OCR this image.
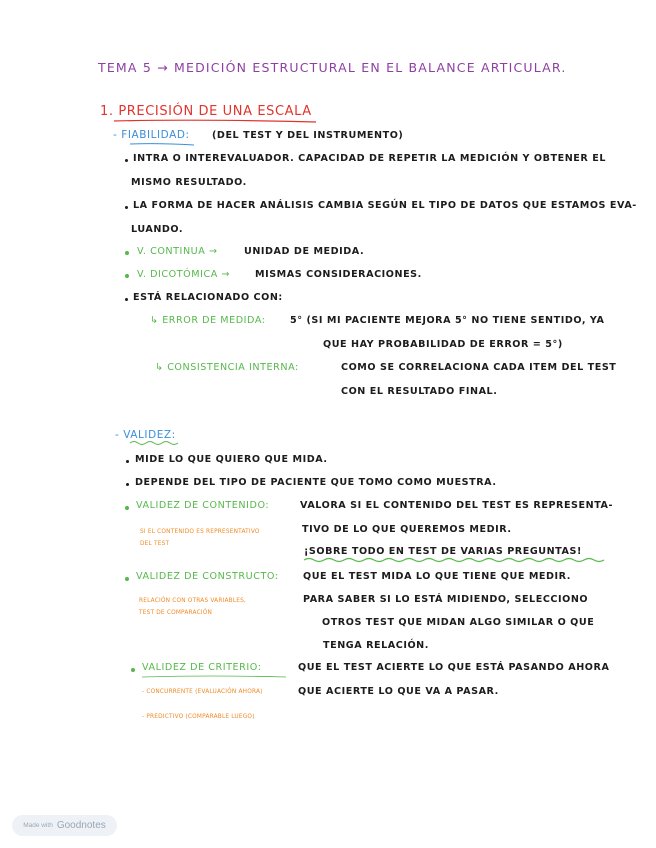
TEMA 5 → MEDICIÓN ESTRUCTURAL EN EL BALANCE ARTICULAR.
1. PRECISIÓN DE UNA ESCALA
- FIABILIDAD: (DEL TEST Y DEL INSTRUMENTO)
INTRA O INTEREVALUADOR. CAPACIDAD DE REPETIR LA MEDICIÓN Y OBTENER EL
MISMO RESULTADO.
LA FORMA DE HACER ANÁLISIS CAMBIA SEGÚN EL TIPO DE DATOS QUE ESTAMOS EVA-
LUANDO.
V. CONTINUA →	UNIDAD DE MEDIDA.
V. DICOTÓMICA →	MISMAS CONSIDERACIONES.
ESTÁ RELACIONADO CON:
↳ ERROR DE MEDIDA:	5° (SI MI PACIENTE MEJORA 5° NO TIENE SENTIDO, YA
QUE HAY PROBABILIDAD DE ERROR = 5°)
↳ CONSISTENCIA INTERNA:	COMO SE CORRELACIONA CADA ITEM DEL TEST
CON EL RESULTADO FINAL.
- VALIDEZ:
MIDE LO QUE QUIERO QUE MIDA.
DEPENDE DEL TIPO DE PACIENTE QUE TOMO COMO MUESTRA.
VALIDEZ DE CONTENIDO:	VALORA SI EL CONTENIDO DEL TEST ES REPRESENTA-
TIVO DE LO QUE QUEREMOS MEDIR.
¡SOBRE TODO EN TEST DE VARIAS PREGUNTAS!
SI EL CONTENIDO ES REPRESENTATIVO
DEL TEST
VALIDEZ DE CONSTRUCTO:	QUE EL TEST MIDA LO QUE TIENE QUE MEDIR.
PARA SABER SI LO ESTÁ MIDIENDO, SELECCIONO
OTROS TEST QUE MIDAN ALGO SIMILAR O QUE
TENGA RELACIÓN.
RELACIÓN CON OTRAS VARIABLES,
TEST DE COMPARACIÓN
VALIDEZ DE CRITERIO:	QUE EL TEST ACIERTE LO QUE ESTÁ PASANDO AHORA
QUE ACIERTE LO QUE VA A PASAR.
- CONCURRENTE (EVALUACIÓN AHORA)
- PREDICTIVO (COMPARABLE LUEGO)
Made with Goodnotes
